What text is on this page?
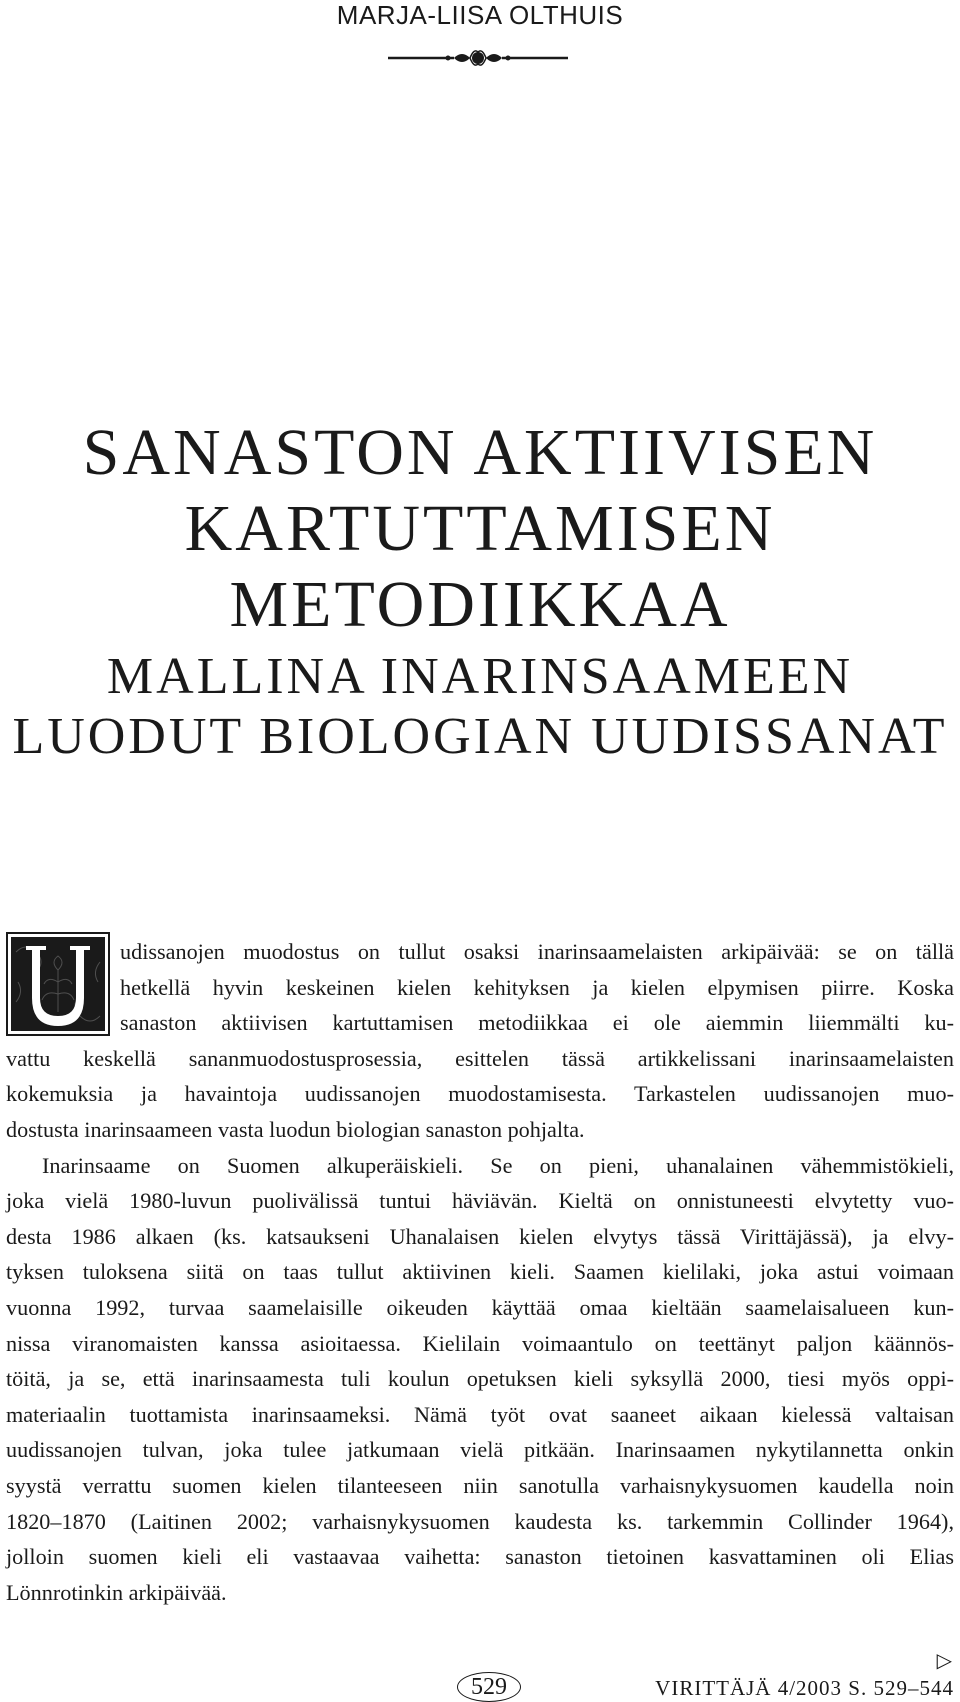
MARJA-LIISA OLTHUIS
SANASTON AKTIIVISEN
KARTUTTAMISEN
METODIIKKAA
MALLINA INARINSAAMEEN
LUODUT BIOLOGIAN UUDISSANAT
udissanojen muodostus on tullut osaksi inarinsaamelaisten arkipäivää: se on tällä
hetkellä hyvin keskeinen kielen kehityksen ja kielen elpymisen piirre. Koska
sanaston aktiivisen kartuttamisen metodiikkaa ei ole aiemmin liiemmälti ku-
vattu keskellä sananmuodostusprosessia, esittelen tässä artikkelissani inarinsaamelaisten
kokemuksia ja havaintoja uudissanojen muodostamisesta. Tarkastelen uudissanojen muo-
dostusta inarinsaameen vasta luodun biologian sanaston pohjalta.
Inarinsaame on Suomen alkuperäiskieli. Se on pieni, uhanalainen vähemmistökieli,
joka vielä 1980-luvun puolivälissä tuntui häviävän. Kieltä on onnistuneesti elvytetty vuo-
desta 1986 alkaen (ks. katsaukseni Uhanalaisen kielen elvytys tässä Virittäjässä), ja elvy-
tyksen tuloksena siitä on taas tullut aktiivinen kieli. Saamen kielilaki, joka astui voimaan
vuonna 1992, turvaa saamelaisille oikeuden käyttää omaa kieltään saamelaisalueen kun-
nissa viranomaisten kanssa asioitaessa. Kielilain voimaantulo on teettänyt paljon käännös-
töitä, ja se, että inarinsaamesta tuli koulun opetuksen kieli syksyllä 2000, tiesi myös oppi-
materiaalin tuottamista inarinsaameksi. Nämä työt ovat saaneet aikaan kielessä valtaisan
uudissanojen tulvan, joka tulee jatkumaan vielä pitkään. Inarinsaamen nykytilannetta onkin
syystä verrattu suomen kielen tilanteeseen niin sanotulla varhaisnykysuomen kaudella noin
1820–1870 (Laitinen 2002; varhaisnykysuomen kaudesta ks. tarkemmin Collinder 1964),
jolloin suomen kieli eli vastaavaa vaihetta: sanaston tietoinen kasvattaminen oli Elias
Lönnrotinkin arkipäivää.
▷
529	VIRITTÄJÄ 4/2003 S. 529–544
